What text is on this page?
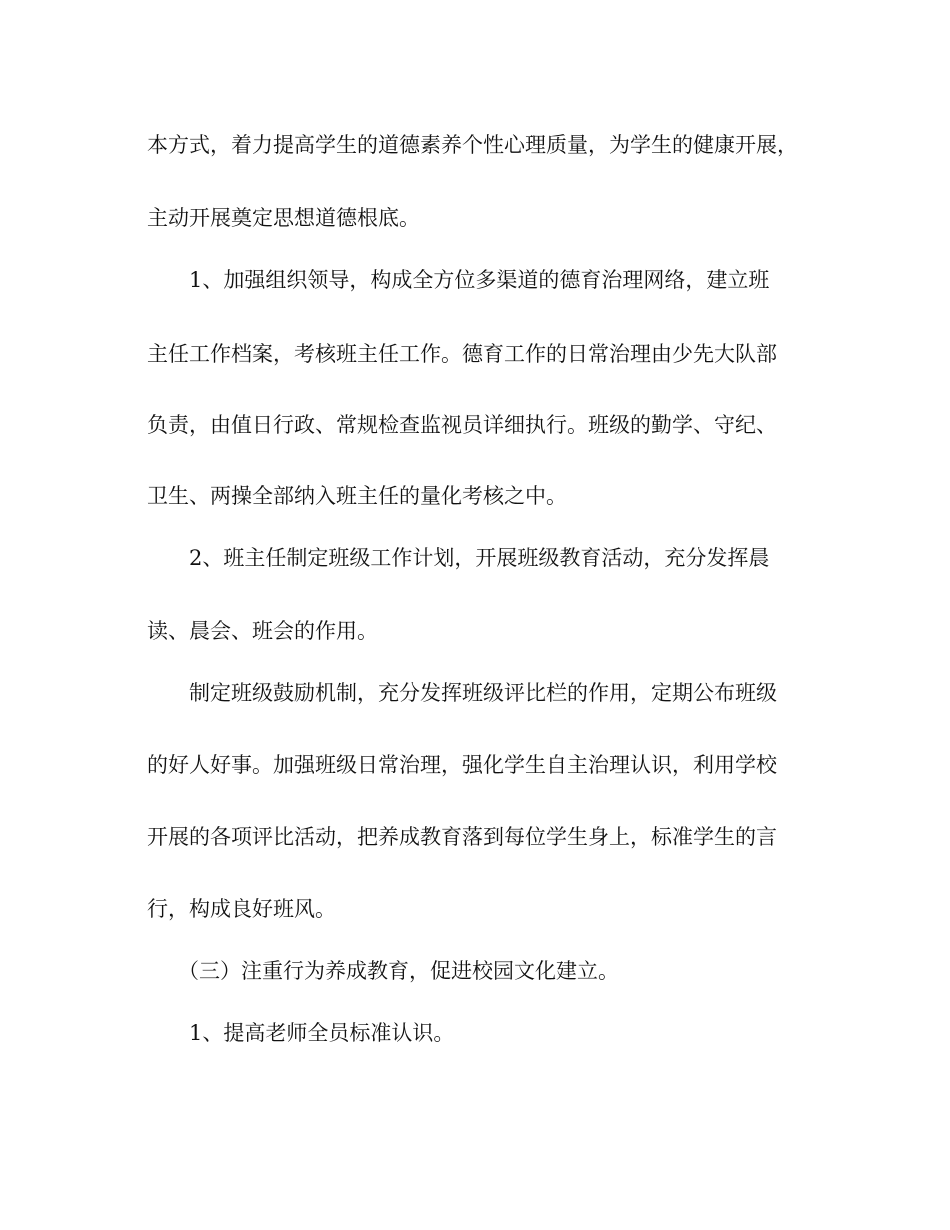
本方式，着力提高学生的道德素养个性心理质量，为学生的健康开展，

主动开展奠定思想道德根底。

1、加强组织领导，构成全方位多渠道的德育治理网络，建立班

主任工作档案，考核班主任工作。德育工作的日常治理由少先大队部

负责，由值日行政、常规检查监视员详细执行。班级的勤学、守纪、

卫生、两操全部纳入班主任的量化考核之中。

2、班主任制定班级工作计划，开展班级教育活动，充分发挥晨

读、晨会、班会的作用。

制定班级鼓励机制，充分发挥班级评比栏的作用，定期公布班级

的好人好事。加强班级日常治理，强化学生自主治理认识，利用学校

开展的各项评比活动，把养成教育落到每位学生身上，标准学生的言

行，构成良好班风。

（三）注重行为养成教育，促进校园文化建立。

1、提高老师全员标准认识。
